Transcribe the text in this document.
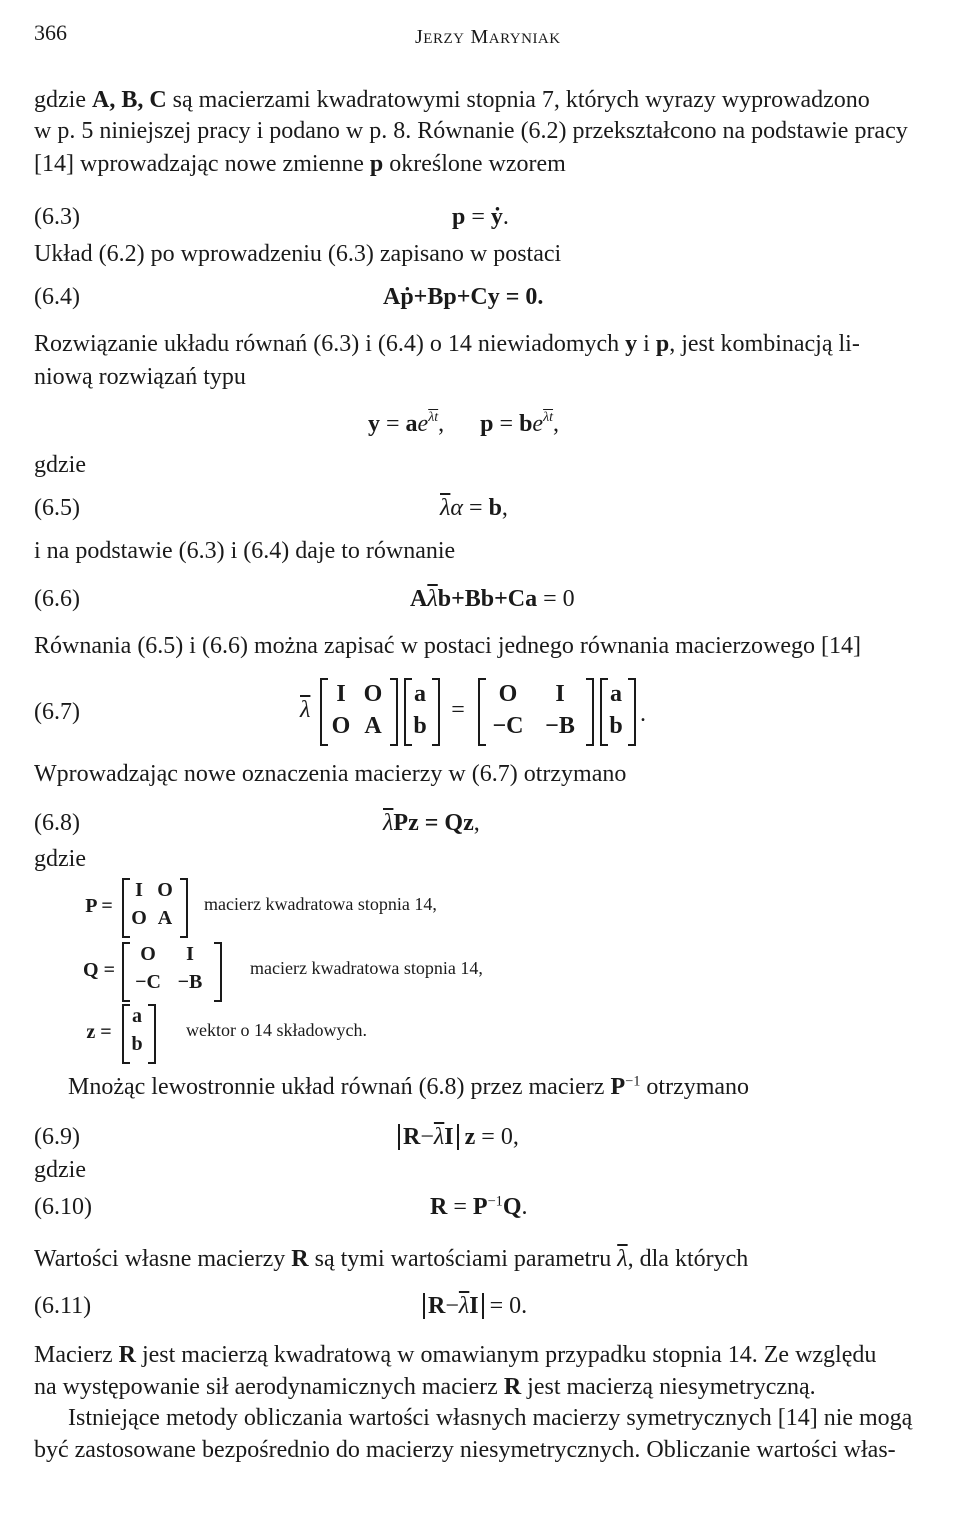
366	JERZY MARYNIAK
gdzie A, B, C są macierzami kwadratowymi stopnia 7, których wyrazy wyprowadzono
w p. 5 niniejszej pracy i podano w p. 8. Równanie (6.2) przekształcono na podstawie pracy
[14] wprowadzając nowe zmienne p określone wzorem
(6.3)	p = ẏ.
Układ (6.2) po wprowadzeniu (6.3) zapisano w postaci
(6.4)	Aṗ+Bp+Cy = 0.
Rozwiązanie układu równań (6.3) i (6.4) o 14 niewiadomych y i p, jest kombinacją li-
niową rozwiązań typu
$y = ae^{\overline{\lambda t}}$, $p = be^{\overline{\lambda t}}$,
gdzie
(6.5)	$\overline{\lambda}\alpha = b$,
i na podstawie (6.3) i (6.4) daje to równanie
(6.6)	$A\overline{\lambda}b+Bb+Ca = 0$
Równania (6.5) i (6.6) można zapisać w postaci jednego równania macierzowego [14]
(6.7)	$\overline{\lambda}$
I O
O A
a
b
=
O	I
−C −B
a
b .
Wprowadzając nowe oznaczenia macierzy w (6.7) otrzymano
(6.8)	$\overline{\lambda}Pz = Qz$,
gdzie
P =
I O
O A
macierz kwadratowa stopnia 14,
Q =
O	I
−C −B
macierz kwadratowa stopnia 14,
z =
a
b
wektor o 14 składowych.
Mnożąc lewostronnie układ równań (6.8) przez macierz $P^{-1}$ otrzymano
(6.9)	$R-\overline{\lambda}I$ z = 0,
gdzie
(6.10)	$R = P^{-1}Q$.
Wartości własne macierzy R są tymi wartościami parametru $\overline{\lambda}$, dla których
(6.11)	$R-\overline{\lambda}I = 0$.
Macierz R jest macierzą kwadratową w omawianym przypadku stopnia 14. Ze względu
na występowanie sił aerodynamicznych macierz R jest macierzą niesymetryczną.
Istniejące metody obliczania wartości własnych macierzy symetrycznych [14] nie mogą
być zastosowane bezpośrednio do macierzy niesymetrycznych. Obliczanie wartości włas-
